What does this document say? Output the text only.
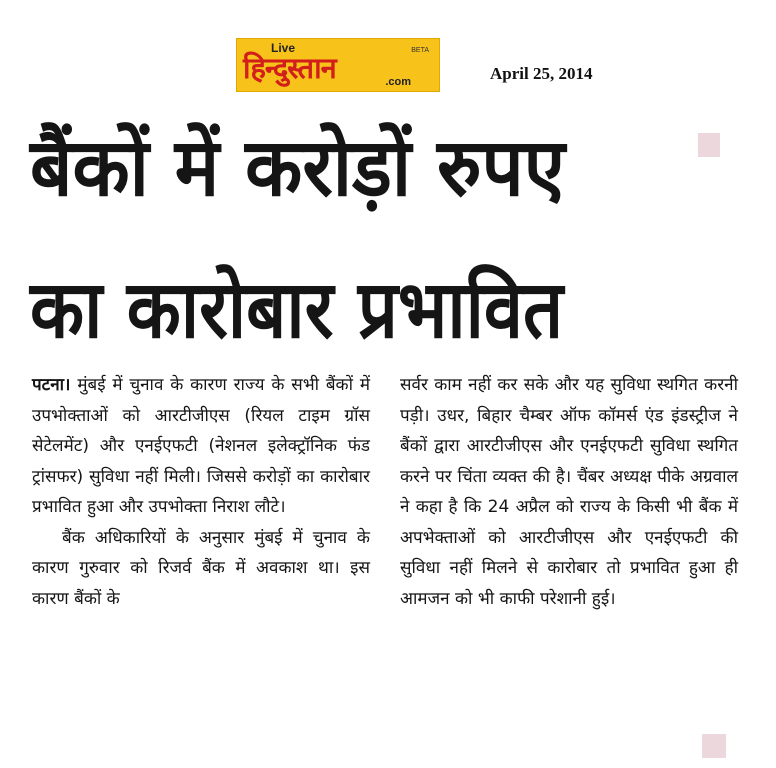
Live	BETA
हिन्दुस्तान	.com	April 25, 2014
बैंकों में करोड़ों रुपए
का कारोबार प्रभावित

पटना। मुंबई में चुनाव के कारण राज्य के सभी बैंकों में उपभोक्ताओं को आरटीजीएस (रियल टाइम ग्रॉस सेटेलमेंट) और एनईएफटी (नेशनल इलेक्ट्रॉनिक फंड ट्रांसफर) सुविधा नहीं मिली। जिससे करोड़ों का कारोबार प्रभावित हुआ और उपभोक्ता निराश लौटे।

बैंक अधिकारियों के अनुसार मुंबई में चुनाव के कारण गुरुवार को रिजर्व बैंक में अवकाश था। इस कारण बैंकों के

सर्वर काम नहीं कर सके और यह सुविधा स्थगित करनी पड़ी। उधर, बिहार चैम्बर ऑफ कॉमर्स एंड इंडस्ट्रीज ने बैंकों द्वारा आरटीजीएस और एनईएफटी सुविधा स्थगित करने पर चिंता व्यक्त की है। चैंबर अध्यक्ष पीके अग्रवाल ने कहा है कि 24 अप्रैल को राज्य के किसी भी बैंक में अपभेक्ताओं को आरटीजीएस और एनईएफटी की सुविधा नहीं मिलने से कारोबार तो प्रभावित हुआ ही आमजन को भी काफी परेशानी हुई।
